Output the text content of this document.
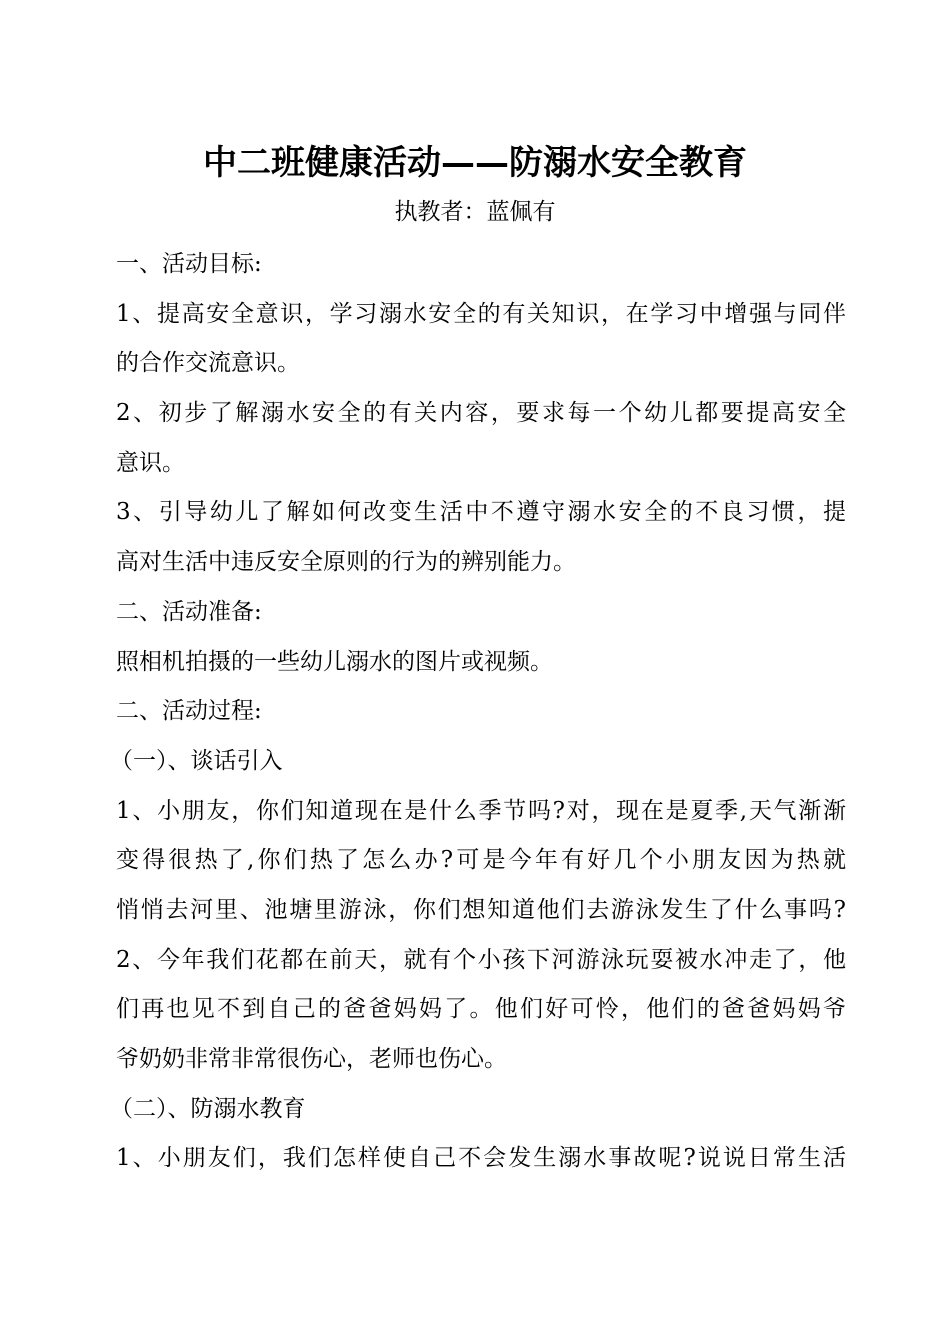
中二班健康活动——防溺水安全教育
执教者：蓝佩有
一、活动目标:
1、提高安全意识，学习溺水安全的有关知识，在学习中增强与同伴
的合作交流意识。
2、初步了解溺水安全的有关内容，要求每一个幼儿都要提高安全
意识。
3、引导幼儿了解如何改变生活中不遵守溺水安全的不良习惯，提
高对生活中违反安全原则的行为的辨别能力。
二、活动准备:
照相机拍摄的一些幼儿溺水的图片或视频。
二、活动过程:
（一）、谈话引入
1、小朋友，你们知道现在是什么季节吗?对，现在是夏季,天气渐渐
变得很热了,你们热了怎么办?可是今年有好几个小朋友因为热就
悄悄去河里、池塘里游泳，你们想知道他们去游泳发生了什么事吗?
2、今年我们花都在前天，就有个小孩下河游泳玩耍被水冲走了，他
们再也见不到自己的爸爸妈妈了。他们好可怜，他们的爸爸妈妈爷
爷奶奶非常非常很伤心，老师也伤心。
（二）、防溺水教育
1、小朋友们，我们怎样使自己不会发生溺水事故呢?说说日常生活
